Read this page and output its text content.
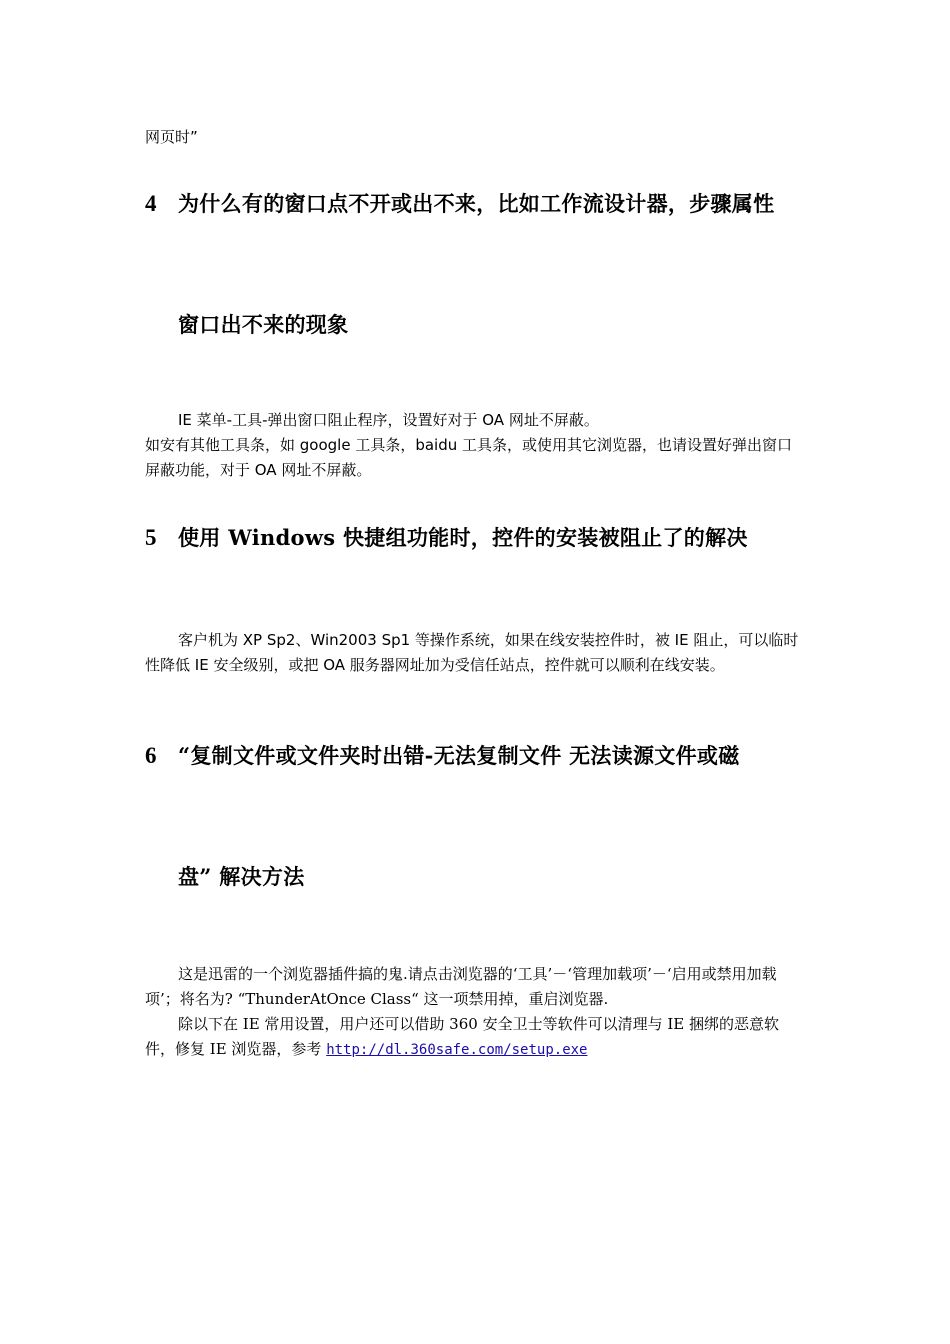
网页时”
4 为什么有的窗口点不开或出不来，比如工作流设计器，步骤属性
窗口出不来的现象
IE 菜单-工具-弹出窗口阻止程序，设置好对于 OA 网址不屏蔽。
如安有其他工具条，如 google 工具条，baidu 工具条，或使用其它浏览器，也请设置好弹出窗口屏蔽功能，对于 OA 网址不屏蔽。
5 使用 Windows 快捷组功能时，控件的安装被阻止了的解决
客户机为 XP Sp2、Win2003 Sp1 等操作系统，如果在线安装控件时，被 IE 阻止，可以临时性降低 IE 安全级别，或把 OA 服务器网址加为受信任站点，控件就可以顺利在线安装。
6 “复制文件或文件夹时出错-无法复制文件 无法读源文件或磁
盘” 解决方法
这是迅雷的一个浏览器插件搞的鬼.请点击浏览器的‘工具’－‘管理加载项’－‘启用或禁用加载项’；将名为? “ThunderAtOnce Class“ 这一项禁用掉，重启浏览器.
除以下在 IE 常用设置，用户还可以借助 360 安全卫士等软件可以清理与 IE 捆绑的恶意软件，修复 IE 浏览器，参考 http://dl.360safe.com/setup.exe
